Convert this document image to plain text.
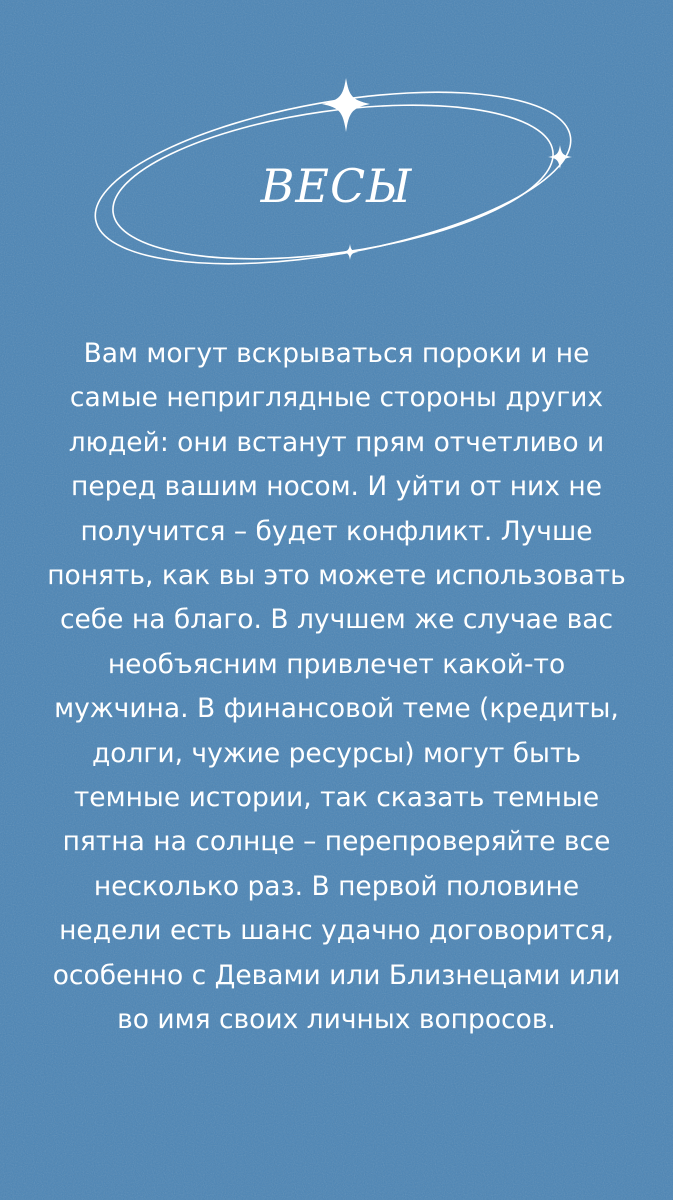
ВЕСЫ

Вам могут вскрываться пороки и не
самые неприглядные стороны других
людей: они встанут прям отчетливо и
перед вашим носом. И уйти от них не
получится – будет конфликт. Лучше
понять, как вы это можете использовать
себе на благо. В лучшем же случае вас
необъясним привлечет какой-то
мужчина. В финансовой теме (кредиты,
долги, чужие ресурсы) могут быть
темные истории, так сказать темные
пятна на солнце – перепроверяйте все
несколько раз. В первой половине
недели есть шанс удачно договорится,
особенно с Девами или Близнецами или
во имя своих личных вопросов.
